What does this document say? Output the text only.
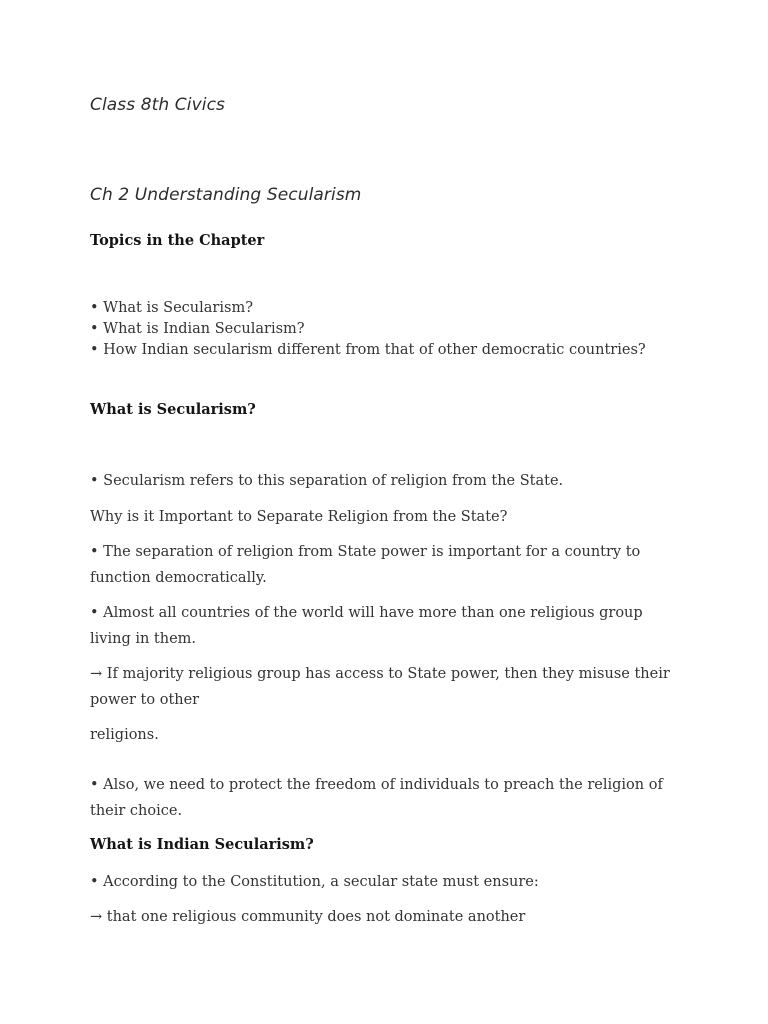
Class 8th Civics

Ch 2 Understanding Secularism

Topics in the Chapter

• What is Secularism?
• What is Indian Secularism?
• How Indian secularism different from that of other democratic countries?

What is Secularism?

• Secularism refers to this separation of religion from the State.

Why is it Important to Separate Religion from the State?

• The separation of religion from State power is important for a country to function democratically.

• Almost all countries of the world will have more than one religious group living in them.

→ If majority religious group has access to State power, then they misuse their power to other

religions.

• Also, we need to protect the freedom of individuals to preach the religion of their choice.

What is Indian Secularism?

• According to the Constitution, a secular state must ensure:

→ that one religious community does not dominate another
